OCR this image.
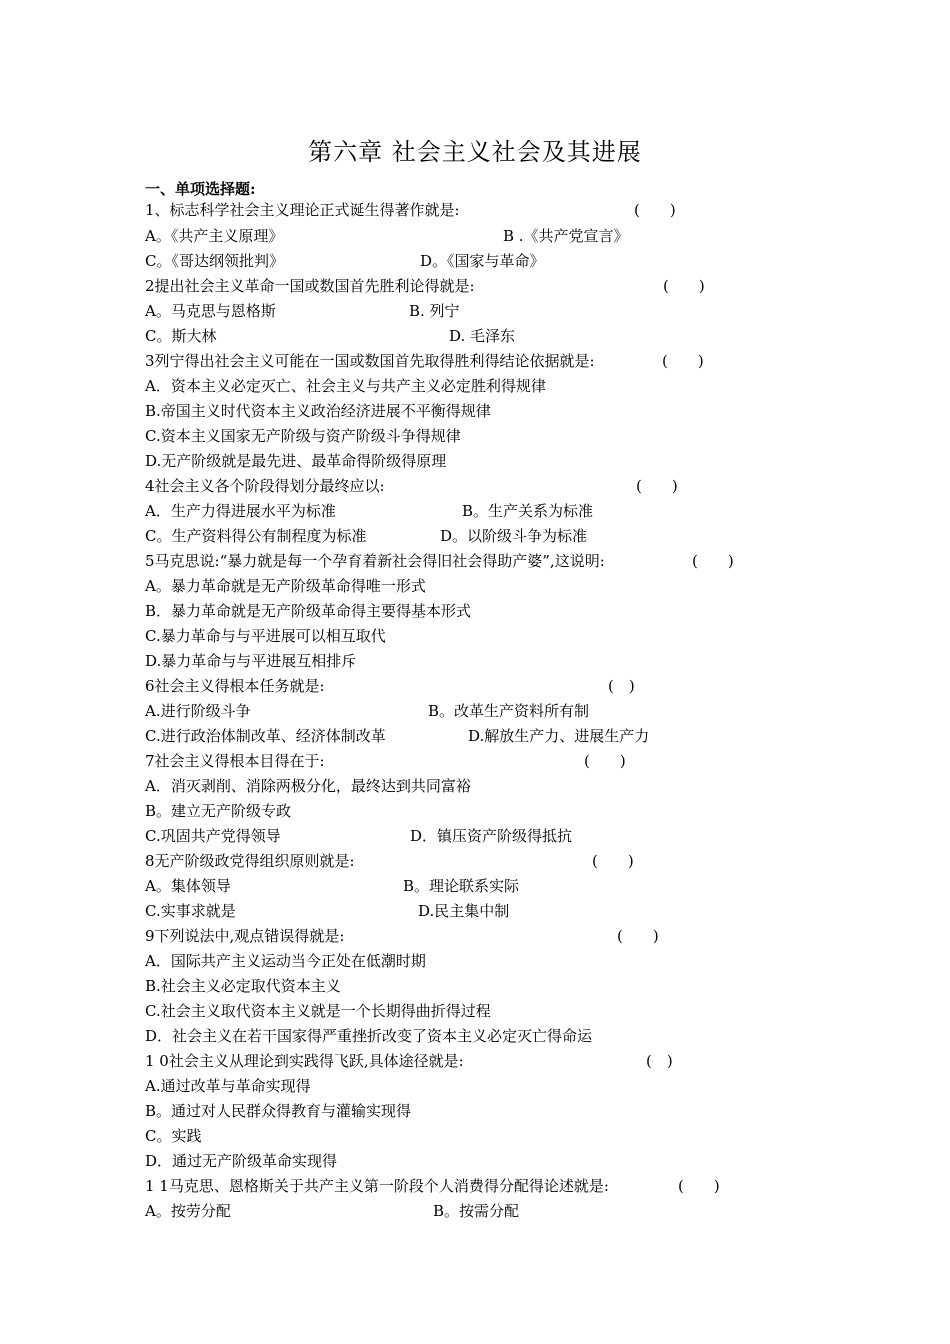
第六章 社会主义社会及其进展
一、单项选择题:
1、标志科学社会主义理论正式诞生得著作就是:	(　　)
A。《共产主义原理》	B .《共产党宣言》
C。《哥达纲领批判》	D。《国家与革命》
2提出社会主义革命一国或数国首先胜利论得就是:	(　　)
A。马克思与恩格斯	B. 列宁
C。斯大林	D. 毛泽东
3列宁得出社会主义可能在一国或数国首先取得胜利得结论依据就是:	(　　)
A．资本主义必定灭亡、社会主义与共产主义必定胜利得规律
B.帝国主义时代资本主义政治经济进展不平衡得规律
C.资本主义国家无产阶级与资产阶级斗争得规律
D.无产阶级就是最先进、最革命得阶级得原理
4社会主义各个阶段得划分最终应以:	(　　)
A．生产力得进展水平为标准	B。生产关系为标准
C。生产资料得公有制程度为标准	D。以阶级斗争为标准
5马克思说:“暴力就是每一个孕育着新社会得旧社会得助产婆”,这说明:	(　　)
A。暴力革命就是无产阶级革命得唯一形式
B．暴力革命就是无产阶级革命得主要得基本形式
C.暴力革命与与平进展可以相互取代
D.暴力革命与与平进展互相排斥
6社会主义得根本任务就是:	(　)
A.进行阶级斗争	B。改革生产资料所有制
C.进行政治体制改革、经济体制改革	D.解放生产力、进展生产力
7社会主义得根本目得在于:	(　　)
A．消灭剥削、消除两极分化，最终达到共同富裕
B。建立无产阶级专政
C.巩固共产党得领导	D．镇压资产阶级得抵抗
8无产阶级政党得组织原则就是:	(　　)
A。集体领导	B。理论联系实际
C.实事求就是	D.民主集中制
9下列说法中,观点错误得就是:	(　　)
A．国际共产主义运动当今正处在低潮时期
B.社会主义必定取代资本主义
C.社会主义取代资本主义就是一个长期得曲折得过程
D．社会主义在若干国家得严重挫折改变了资本主义必定灭亡得命运
1 0社会主义从理论到实践得飞跃,具体途径就是:	(　)
A.通过改革与革命实现得
B。通过对人民群众得教育与灌输实现得
C。实践
D．通过无产阶级革命实现得
1 1马克思、恩格斯关于共产主义第一阶段个人消费得分配得论述就是:	(　　)
A。按劳分配	B。按需分配
